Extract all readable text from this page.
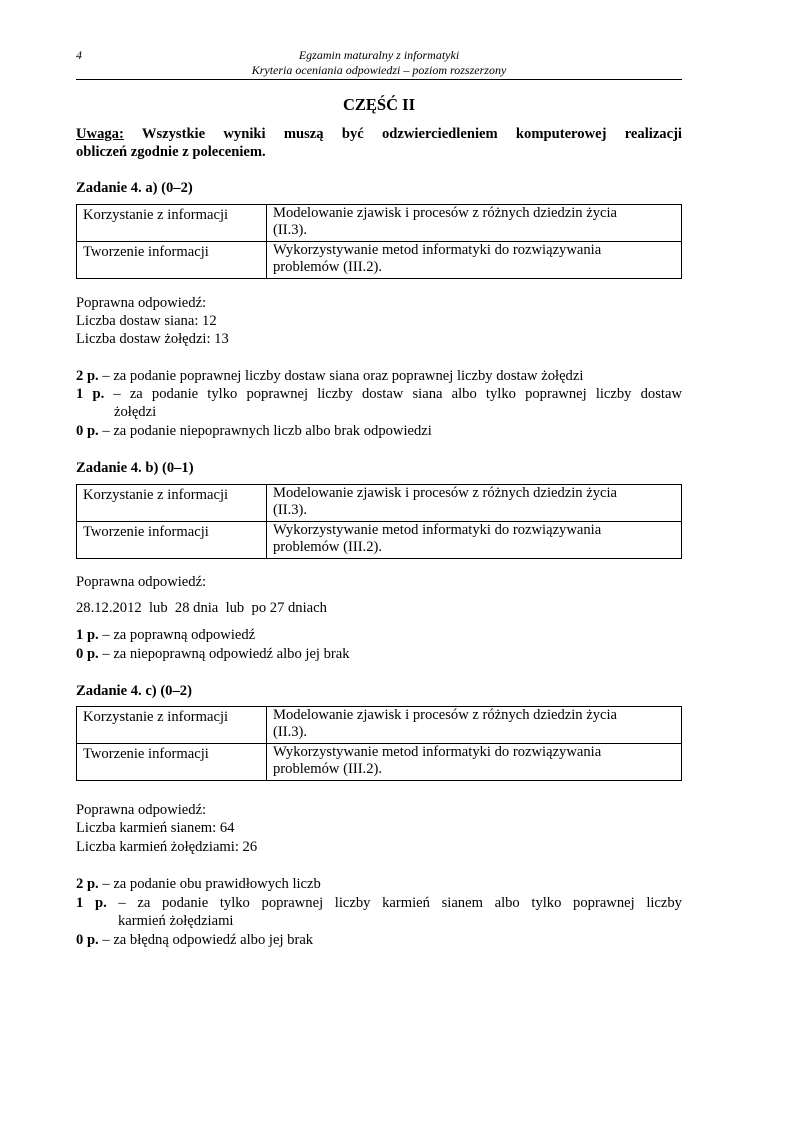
4	Egzamin maturalny z informatyki
Kryteria oceniania odpowiedzi – poziom rozszerzony
CZĘŚĆ II
Uwaga: Wszystkie wyniki muszą być odzwierciedleniem komputerowej realizacji
obliczeń zgodnie z poleceniem.
Zadanie 4. a) (0–2)
Korzystanie z informacji	Modelowanie zjawisk i procesów z różnych dziedzin życia
(II.3).

Tworzenie informacji	Wykorzystywanie metod informatyki do rozwiązywania
problemów (III.2).
Poprawna odpowiedź:
Liczba dostaw siana: 12
Liczba dostaw żołędzi: 13
2 p. – za podanie poprawnej liczby dostaw siana oraz poprawnej liczby dostaw żołędzi
1 p. – za podanie tylko poprawnej liczby dostaw siana albo tylko poprawnej liczby dostaw
żołędzi
0 p. – za podanie niepoprawnych liczb albo brak odpowiedzi
Zadanie 4. b) (0–1)
Korzystanie z informacji	Modelowanie zjawisk i procesów z różnych dziedzin życia
(II.3).

Tworzenie informacji	Wykorzystywanie metod informatyki do rozwiązywania
problemów (III.2).
Poprawna odpowiedź:
28.12.2012  lub  28 dnia  lub  po 27 dniach
1 p. – za poprawną odpowiedź
0 p. – za niepoprawną odpowiedź albo jej brak
Zadanie 4. c) (0–2)
Korzystanie z informacji	Modelowanie zjawisk i procesów z różnych dziedzin życia
(II.3).

Tworzenie informacji	Wykorzystywanie metod informatyki do rozwiązywania
problemów (III.2).
Poprawna odpowiedź:
Liczba karmień sianem: 64
Liczba karmień żołędziami: 26
2 p. – za podanie obu prawidłowych liczb
1 p. – za podanie tylko poprawnej liczby karmień sianem albo tylko poprawnej liczby
karmień żołędziami
0 p. – za błędną odpowiedź albo jej brak
